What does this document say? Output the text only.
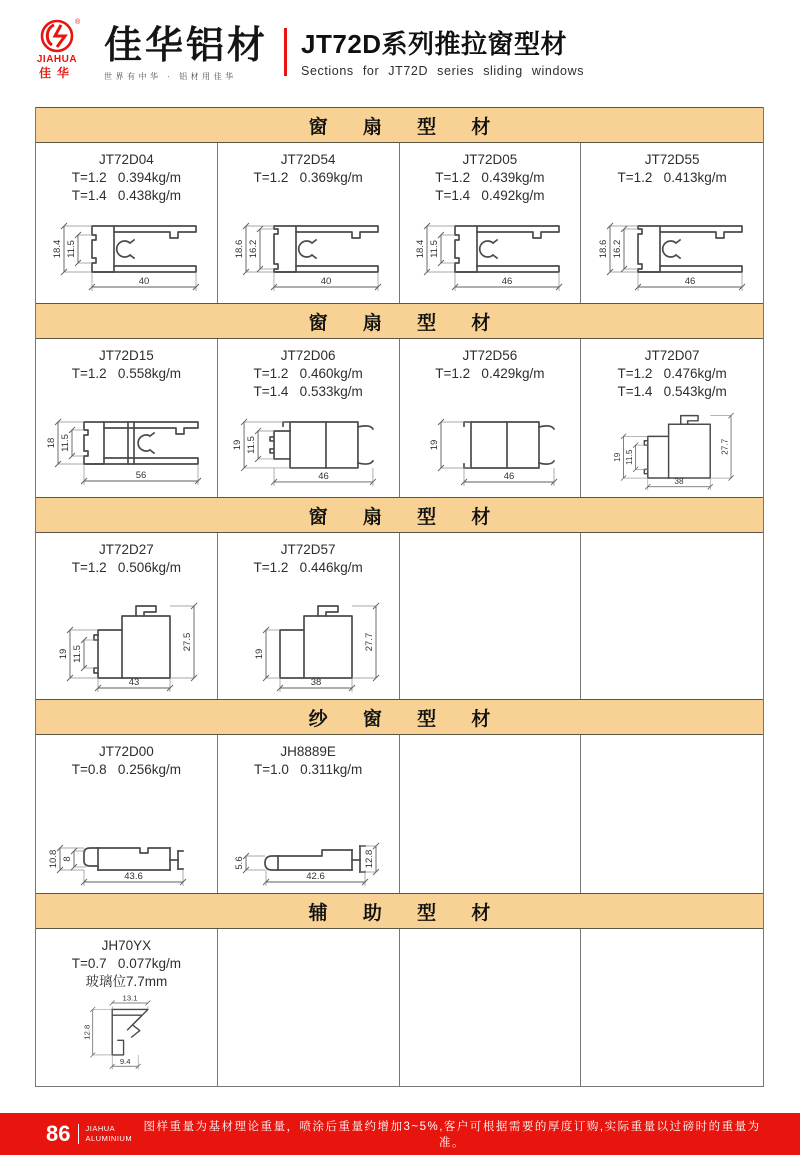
®
JIAHUA
佳华
佳华铝材
世界有中华 · 铝材用佳华
JT72D系列推拉窗型材
Sections for JT72D series sliding windows
窗 扇 型 材
JT72D04
T=1.2   0.394kg/m
T=1.4   0.438kg/m
18.4 11.5
40
JT72D54
T=1.2   0.369kg/m
18.6 16.2
40
JT72D05
T=1.2   0.439kg/m
T=1.4   0.492kg/m
18.4 11.5
46
JT72D55
T=1.2   0.413kg/m
18.6 16.2
46
窗 扇 型 材
JT72D15
T=1.2   0.558kg/m
18 11.5
56
JT72D06
T=1.2   0.460kg/m
T=1.4   0.533kg/m
19 11.5
46
JT72D56
T=1.2   0.429kg/m
19
46
JT72D07
T=1.2   0.476kg/m
T=1.4   0.543kg/m
19 11.5
27.7
38
窗 扇 型 材
JT72D27
T=1.2   0.506kg/m
19 11.5
27.5
43
JT72D57
T=1.2   0.446kg/m
19
27.7
38
纱 窗 型 材
JT72D00
T=0.8   0.256kg/m
10.8 8
43.6
JH8889E
T=1.0   0.311kg/m
5.6	12.8
42.6
辅 助 型 材
JH70YX
T=0.7   0.077kg/m
玻璃位7.7mm
13.1
12.8
9.4
86 JIAHUA
ALUMINIUM
图样重量为基材理论重量，喷涂后重量约增加3~5%,客户可根据需要的厚度订购,实际重量以过磅时的重量为准。
